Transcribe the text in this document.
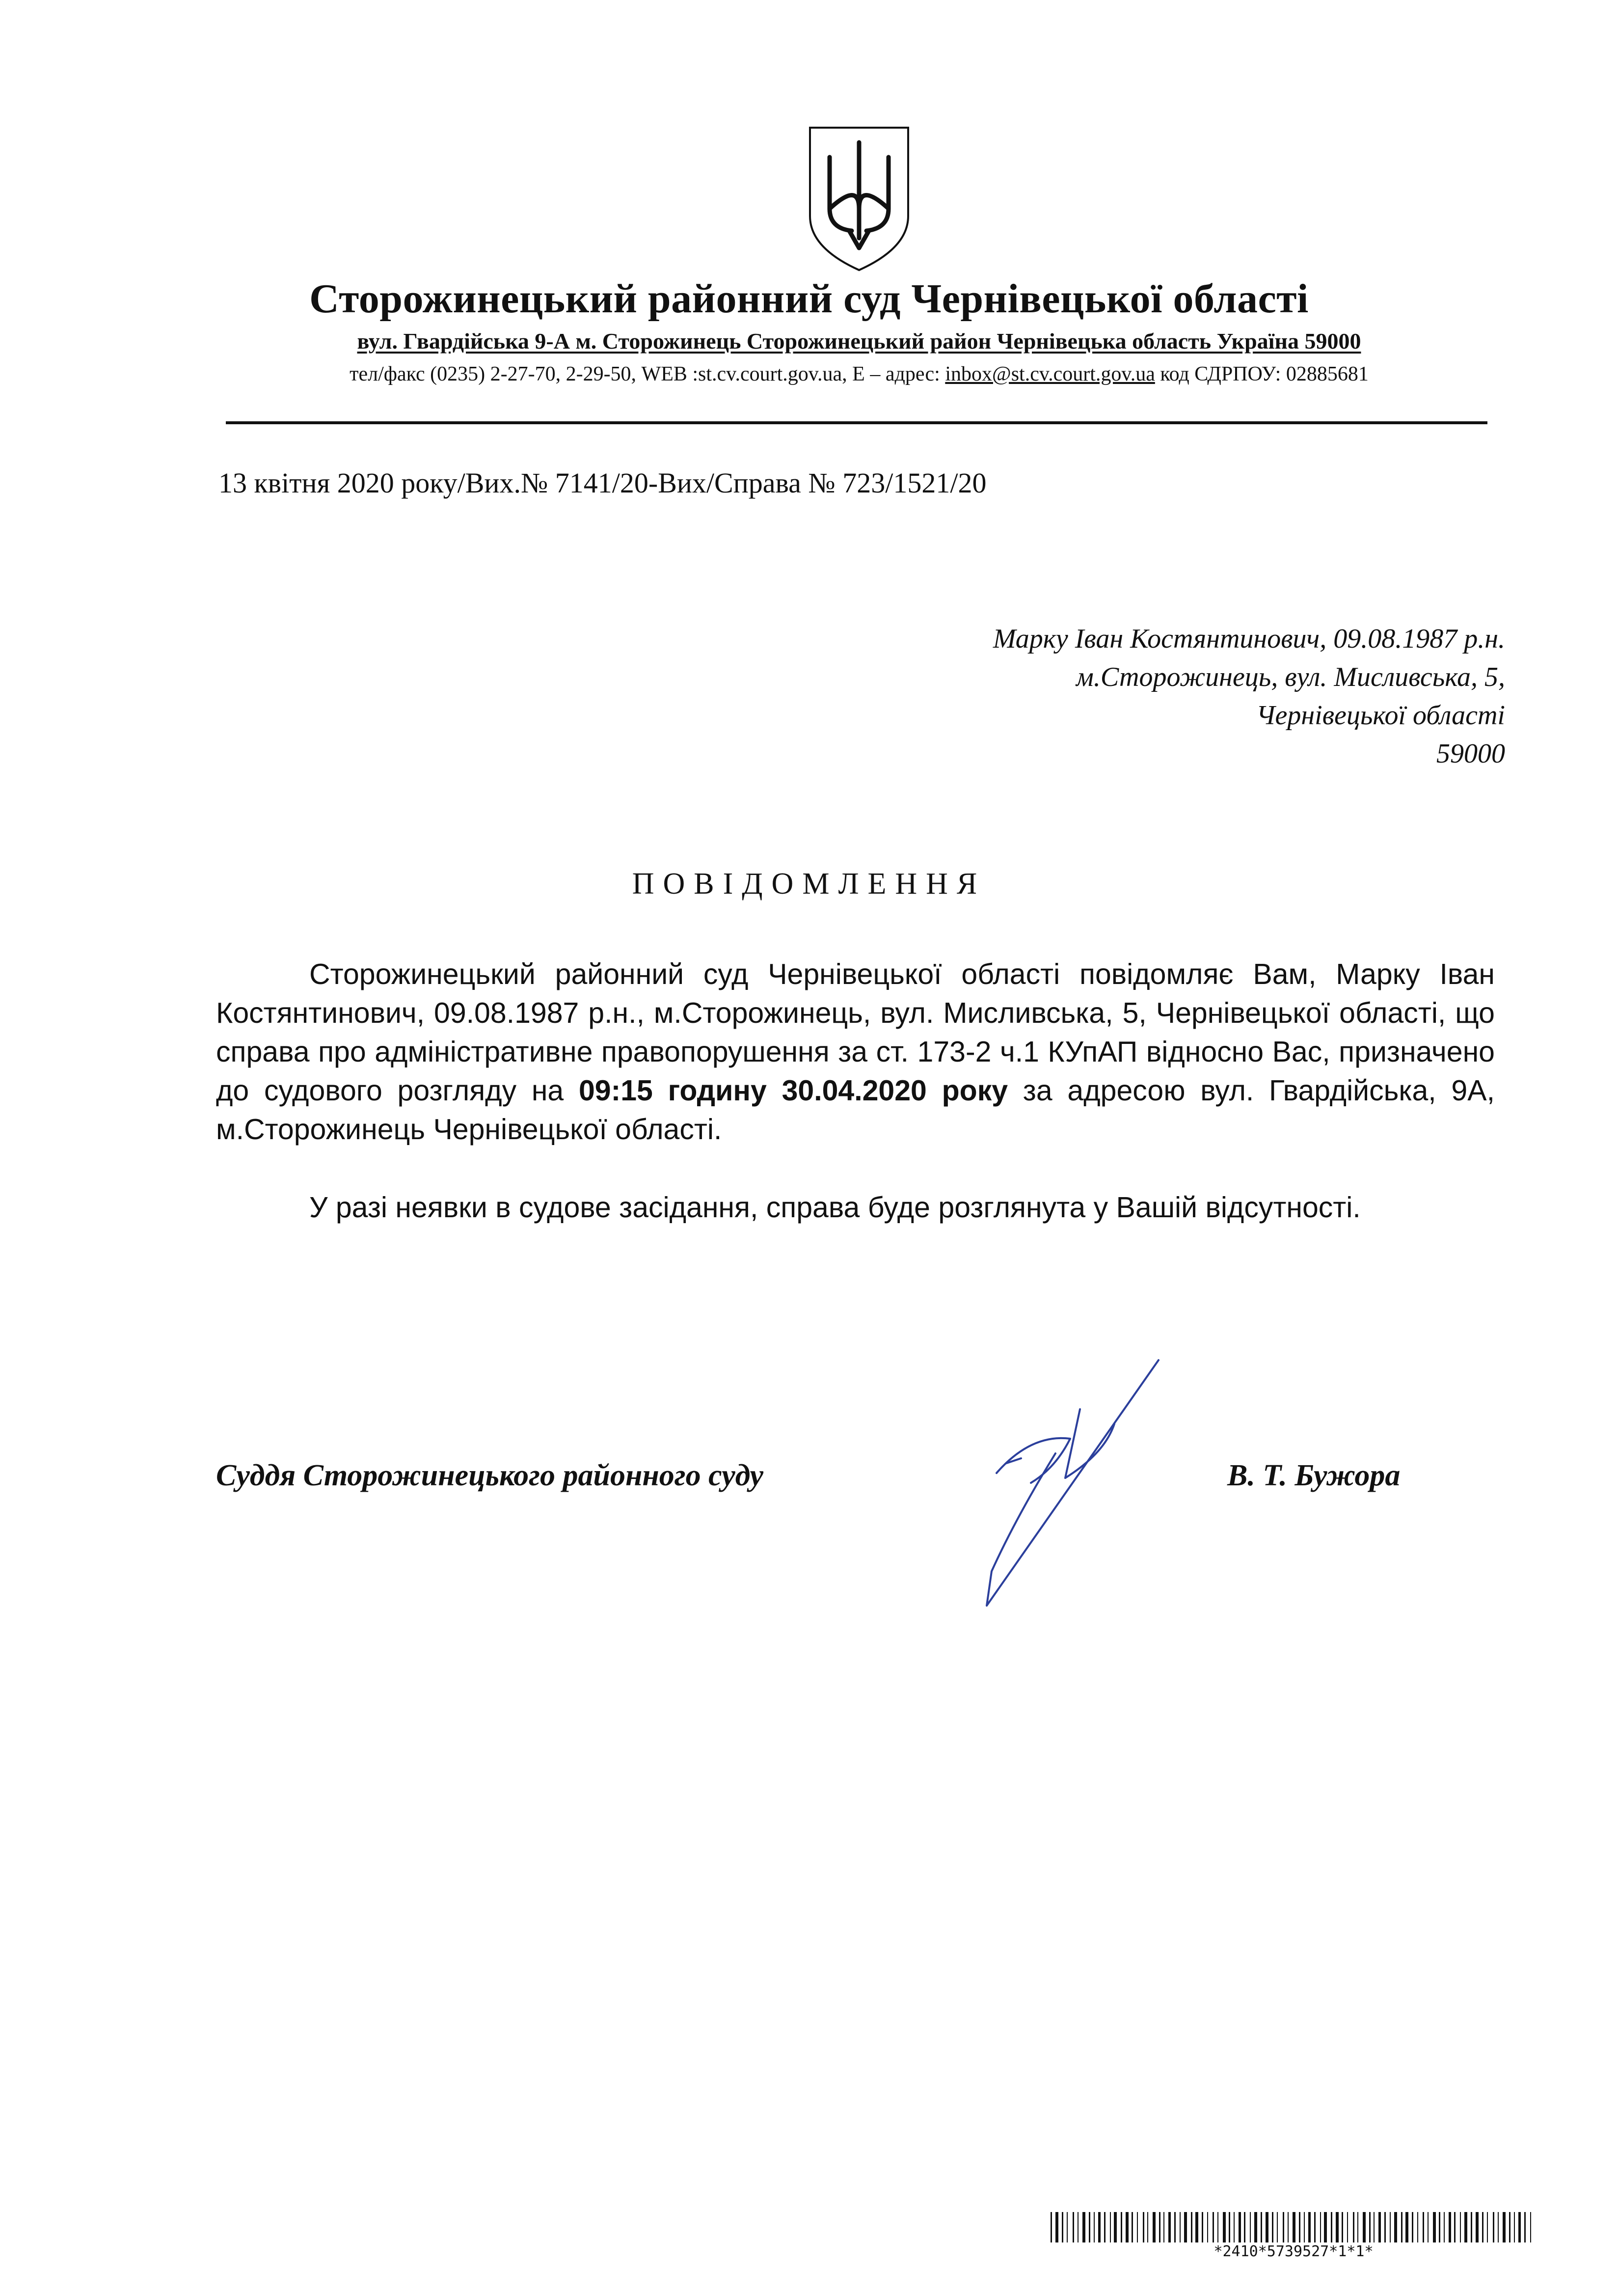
Сторожинецький районний суд Чернівецької області
вул. Гвардійська 9-А м. Сторожинець Сторожинецький район Чернівецька область Україна 59000
тел/факс (0235) 2-27-70, 2-29-50, WEB :st.cv.court.gov.ua, E – адрес: inbox@st.cv.court.gov.ua код СДРПОУ: 02885681
13 квітня 2020 року/Вих.№ 7141/20-Вих/Справа № 723/1521/20
Марку Іван Костянтинович, 09.08.1987 р.н.
м.Сторожинець, вул. Мисливська, 5,
Чернівецької області
59000
ПОВІДОМЛЕННЯ

Сторожинецький районний суд Чернівецької області повідомляє Вам, Марку Іван Костянтинович, 09.08.1987 р.н., м.Сторожинець, вул. Мисливська, 5, Чернівецької області, що справа про адміністративне правопорушення за ст. 173-2 ч.1 КУпАП відносно Вас, призначено до судового розгляду на 09:15 годину 30.04.2020 року за адресою вул. Гвардійська, 9А, м.Сторожинець Чернівецької області.

У разі неявки в судове засідання, справа буде розглянута у Вашій відсутності.

Суддя Сторожинецького районного суду	В. Т. Бужора
*2410*5739527*1*1*
